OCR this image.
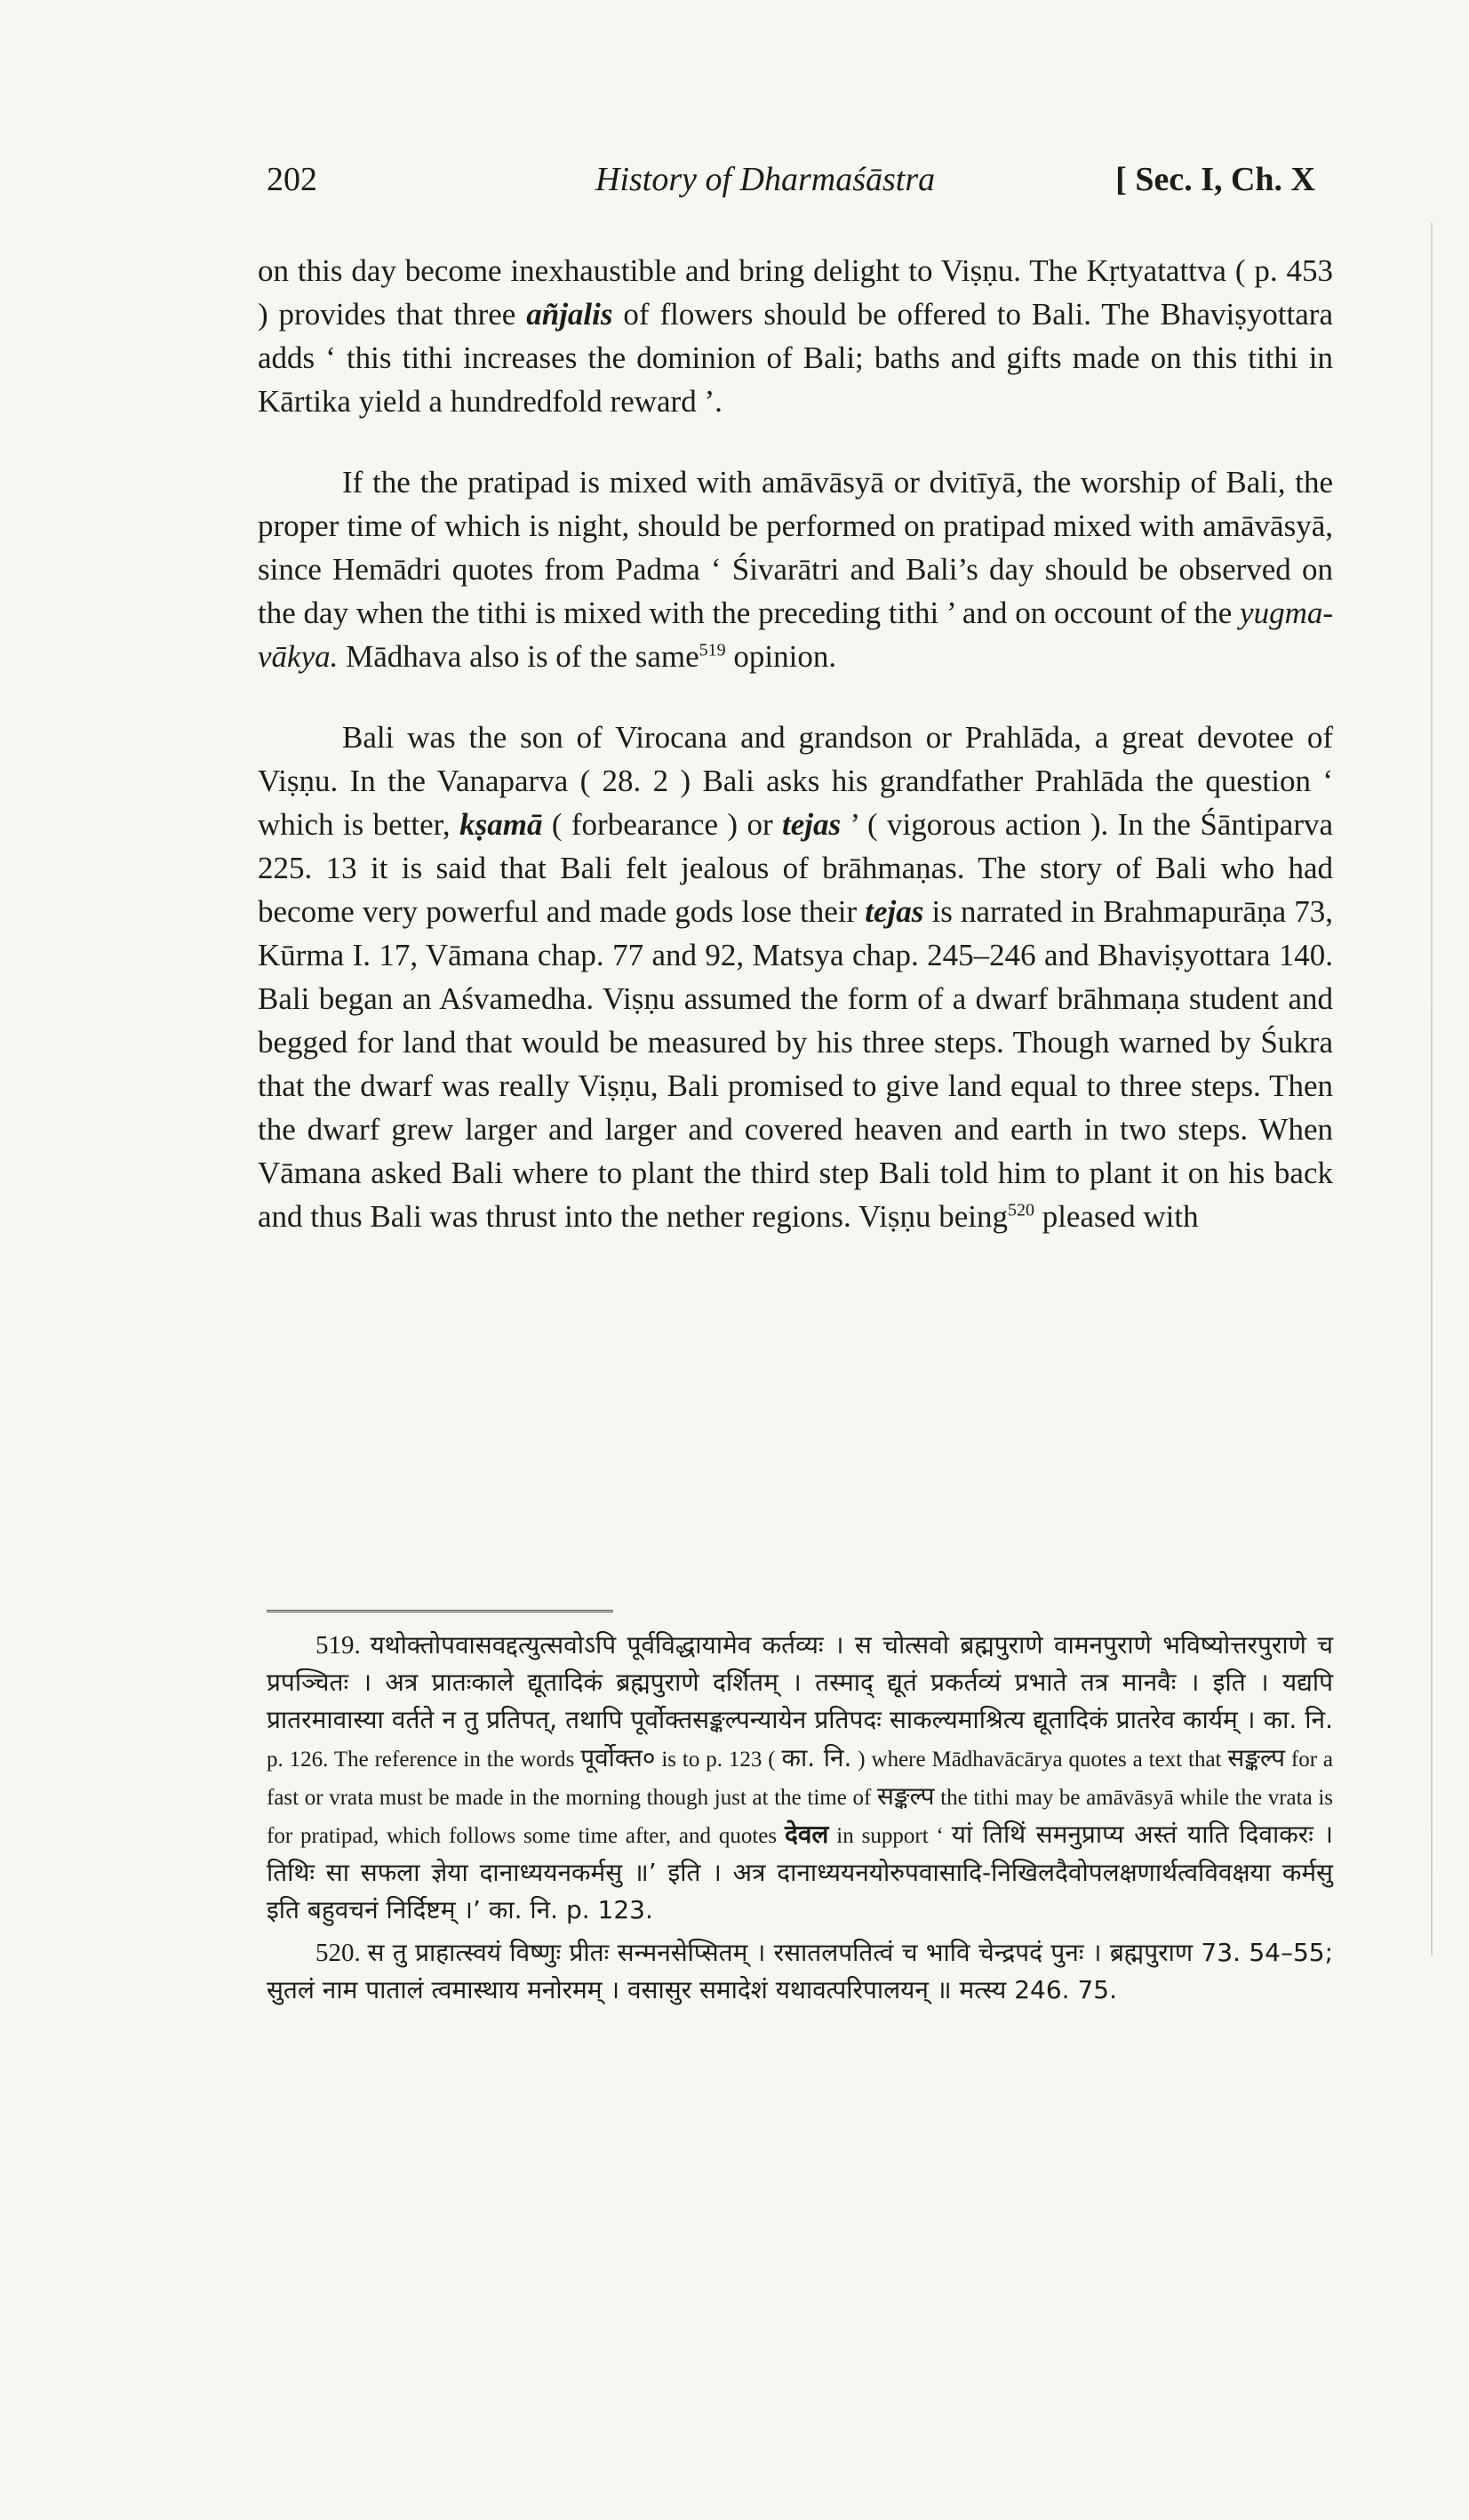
202	History of Dharmaśāstra	[ Sec. I, Ch. X

on this day become inexhaustible and bring delight to Viṣṇu. The Kṛtyatattva ( p. 453 ) provides that three añjalis of flowers should be offered to Bali. The Bhaviṣyottara adds ‘ this tithi increases the dominion of Bali; baths and gifts made on this tithi in Kārtika yield a hundredfold reward ’.

If the the pratipad is mixed with amāvāsyā or dvitīyā, the worship of Bali, the proper time of which is night, should be performed on pratipad mixed with amāvāsyā, since Hemādri quotes from Padma ‘ Śivarātri and Bali’s day should be observed on the day when the tithi is mixed with the preceding tithi ’ and on occount of the yugma-vākya. Mādhava also is of the same$^{519}$ opinion.

Bali was the son of Virocana and grandson or Prahlāda, a great devotee of Viṣṇu. In the Vanaparva ( 28. 2 ) Bali asks his grandfather Prahlāda the question ‘ which is better, kṣamā ( forbearance ) or tejas ’ ( vigorous action ). In the Śāntiparva 225. 13 it is said that Bali felt jealous of brāhmaṇas. The story of Bali who had become very powerful and made gods lose their tejas is narrated in Brahmapurāṇa 73, Kūrma I. 17, Vāmana chap. 77 and 92, Matsya chap. 245–246 and Bhaviṣyottara 140. Bali began an Aśvamedha. Viṣṇu assumed the form of a dwarf brāhmaṇa student and begged for land that would be measured by his three steps. Though warned by Śukra that the dwarf was really Viṣṇu, Bali promised to give land equal to three steps. Then the dwarf grew larger and larger and covered heaven and earth in two steps. When Vāmana asked Bali where to plant the third step Bali told him to plant it on his back and thus Bali was thrust into the nether regions. Viṣṇu being$^{520}$ pleased with

519. यथोक्तोपवासवद्दत्युत्सवोऽपि पूर्वविद्धायामेव कर्तव्यः । स चोत्सवो ब्रह्मपुराणे वामनपुराणे भविष्योत्तरपुराणे च प्रपञ्चितः । अत्र प्रातःकाले द्यूतादिकं ब्रह्मपुराणे दर्शितम् । तस्माद् द्यूतं प्रकर्तव्यं प्रभाते तत्र मानवैः । इति । यद्यपि प्रातरमावास्या वर्तते न तु प्रतिपत्, तथापि पूर्वोक्तसङ्कल्पन्यायेन प्रतिपदः साकल्यमाश्रित्य द्यूतादिकं प्रातरेव कार्यम् । का. नि. p. 126. The reference in the words पूर्वोक्त० is to p. 123 ( का. नि. ) where Mādhavācārya quotes a text that सङ्कल्प for a fast or vrata must be made in the morning though just at the time of सङ्कल्प the tithi may be amāvāsyā while the vrata is for pratipad, which follows some time after, and quotes देवल in support ‘ यां तिथिं समनुप्राप्य अस्तं याति दिवाकरः । तिथिः सा सफला ज्ञेया दानाध्ययनकर्मसु ॥’ इति । अत्र दानाध्ययनयोरुपवासादि-निखिलदैवोपलक्षणार्थत्वविवक्षया कर्मसु इति बहुवचनं निर्दिष्टम् ।’ का. नि. p. 123.

520. स तु प्राहात्स्वयं विष्णुः प्रीतः सन्मनसेप्सितम् । रसातलपतित्वं च भावि चेन्द्रपदं पुनः । ब्रह्मपुराण 73. 54–55; सुतलं नाम पातालं त्वमास्थाय मनोरमम् । वसासुर समादेशं यथावत्परिपालयन् ॥ मत्स्य 246. 75.
